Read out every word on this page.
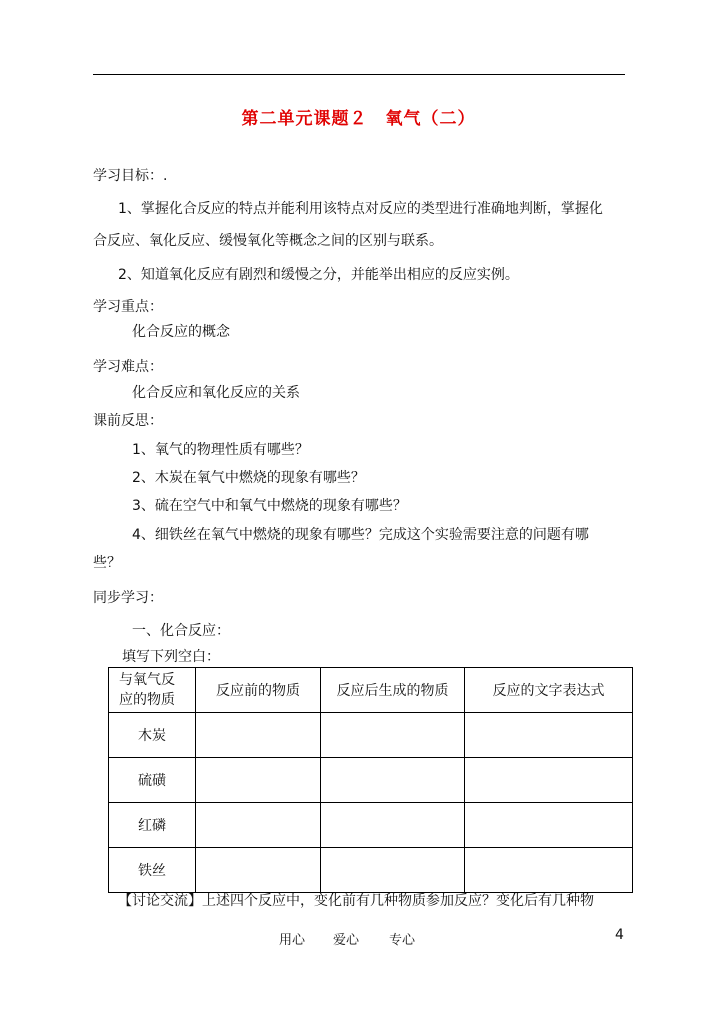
第二单元课题２　氧气（二）
学习目标：.
1、掌握化合反应的特点并能利用该特点对反应的类型进行准确地判断，掌握化
合反应、氧化反应、缓慢氧化等概念之间的区别与联系。
2、知道氧化反应有剧烈和缓慢之分，并能举出相应的反应实例。
学习重点：
化合反应的概念
学习难点：
化合反应和氧化反应的关系
课前反思：
1、氧气的物理性质有哪些？
2、木炭在氧气中燃烧的现象有哪些？
3、硫在空气中和氧气中燃烧的现象有哪些？
4、细铁丝在氧气中燃烧的现象有哪些？完成这个实验需要注意的问题有哪
些？
同步学习：
一、化合反应：
填写下列空白：
与氧气反
应的物质	反应前的物质	反应后生成的物质	反应的文字表达式
木炭			
硫磺			
红磷			
铁丝			
【讨论交流】上述四个反应中，变化前有几种物质参加反应？变化后有几种物
用心 爱心 专心	4
